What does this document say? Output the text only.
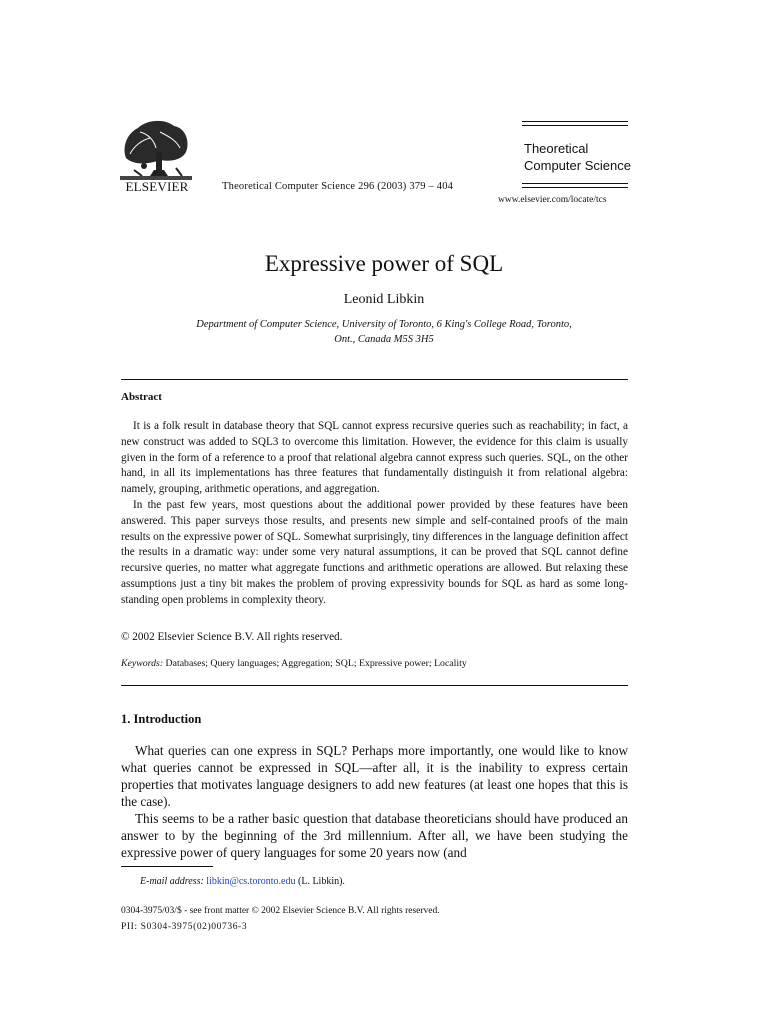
ELSEVIER	Theoretical Computer Science 296 (2003) 379 – 404
Theoretical
Computer Science
www.elsevier.com/locate/tcs
Expressive power of SQL
Leonid Libkin
Department of Computer Science, University of Toronto, 6 King's College Road, Toronto,
Ont., Canada M5S 3H5
Abstract

It is a folk result in database theory that SQL cannot express recursive queries such as reachability; in fact, a new construct was added to SQL3 to overcome this limitation. However, the evidence for this claim is usually given in the form of a reference to a proof that relational algebra cannot express such queries. SQL, on the other hand, in all its implementations has three features that fundamentally distinguish it from relational algebra: namely, grouping, arithmetic operations, and aggregation.

In the past few years, most questions about the additional power provided by these features have been answered. This paper surveys those results, and presents new simple and self-contained proofs of the main results on the expressive power of SQL. Somewhat surprisingly, tiny differences in the language definition affect the results in a dramatic way: under some very natural assumptions, it can be proved that SQL cannot define recursive queries, no matter what aggregate functions and arithmetic operations are allowed. But relaxing these assumptions just a tiny bit makes the problem of proving expressivity bounds for SQL as hard as some long-standing open problems in complexity theory.

© 2002 Elsevier Science B.V. All rights reserved.
Keywords: Databases; Query languages; Aggregation; SQL; Expressive power; Locality
1. Introduction

What queries can one express in SQL? Perhaps more importantly, one would like to know what queries cannot be expressed in SQL—after all, it is the inability to express certain properties that motivates language designers to add new features (at least one hopes that this is the case).

This seems to be a rather basic question that database theoreticians should have produced an answer to by the beginning of the 3rd millennium. After all, we have been studying the expressive power of query languages for some 20 years now (and

E-mail address: libkin@cs.toronto.edu (L. Libkin).
0304-3975/03/$ - see front matter © 2002 Elsevier Science B.V. All rights reserved.
PII: S0304-3975(02)00736-3
